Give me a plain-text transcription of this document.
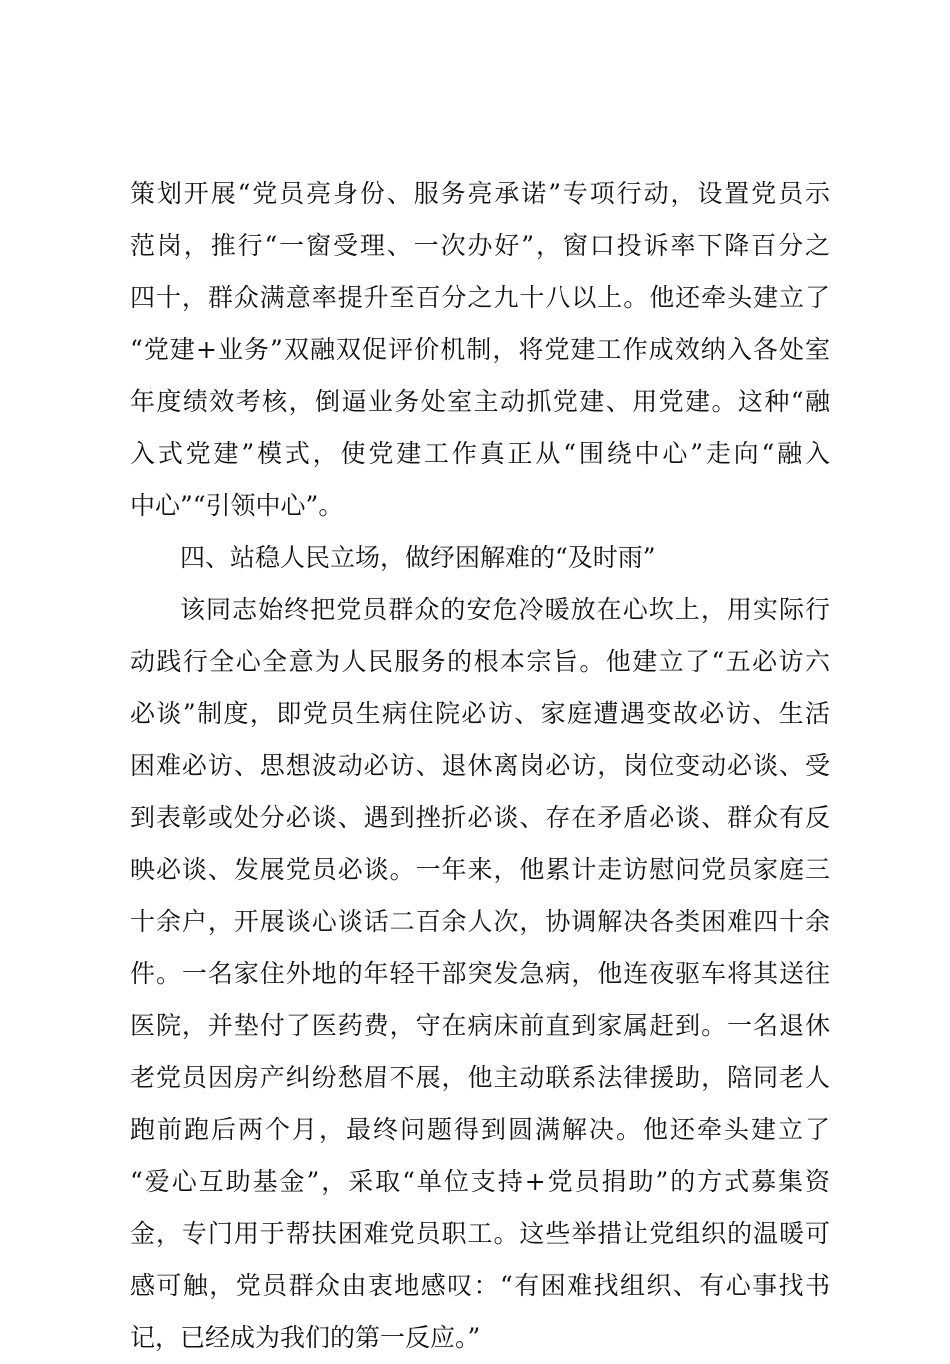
策划开展“党员亮身份、服务亮承诺”专项行动，设置党员示
范岗，推行“一窗受理、一次办好”，窗口投诉率下降百分之
四十，群众满意率提升至百分之九十八以上。他还牵头建立了
“党建+业务”双融双促评价机制，将党建工作成效纳入各处室
年度绩效考核，倒逼业务处室主动抓党建、用党建。这种“融
入式党建”模式，使党建工作真正从“围绕中心”走向“融入
中心”“引领中心”。
四、站稳人民立场，做纾困解难的“及时雨”
该同志始终把党员群众的安危冷暖放在心坎上，用实际行
动践行全心全意为人民服务的根本宗旨。他建立了“五必访六
必谈”制度，即党员生病住院必访、家庭遭遇变故必访、生活
困难必访、思想波动必访、退休离岗必访，岗位变动必谈、受
到表彰或处分必谈、遇到挫折必谈、存在矛盾必谈、群众有反
映必谈、发展党员必谈。一年来，他累计走访慰问党员家庭三
十余户，开展谈心谈话二百余人次，协调解决各类困难四十余
件。一名家住外地的年轻干部突发急病，他连夜驱车将其送往
医院，并垫付了医药费，守在病床前直到家属赶到。一名退休
老党员因房产纠纷愁眉不展，他主动联系法律援助，陪同老人
跑前跑后两个月，最终问题得到圆满解决。他还牵头建立了
“爱心互助基金”，采取“单位支持+党员捐助”的方式募集资
金，专门用于帮扶困难党员职工。这些举措让党组织的温暖可
感可触，党员群众由衷地感叹：“有困难找组织、有心事找书
记，已经成为我们的第一反应。”
